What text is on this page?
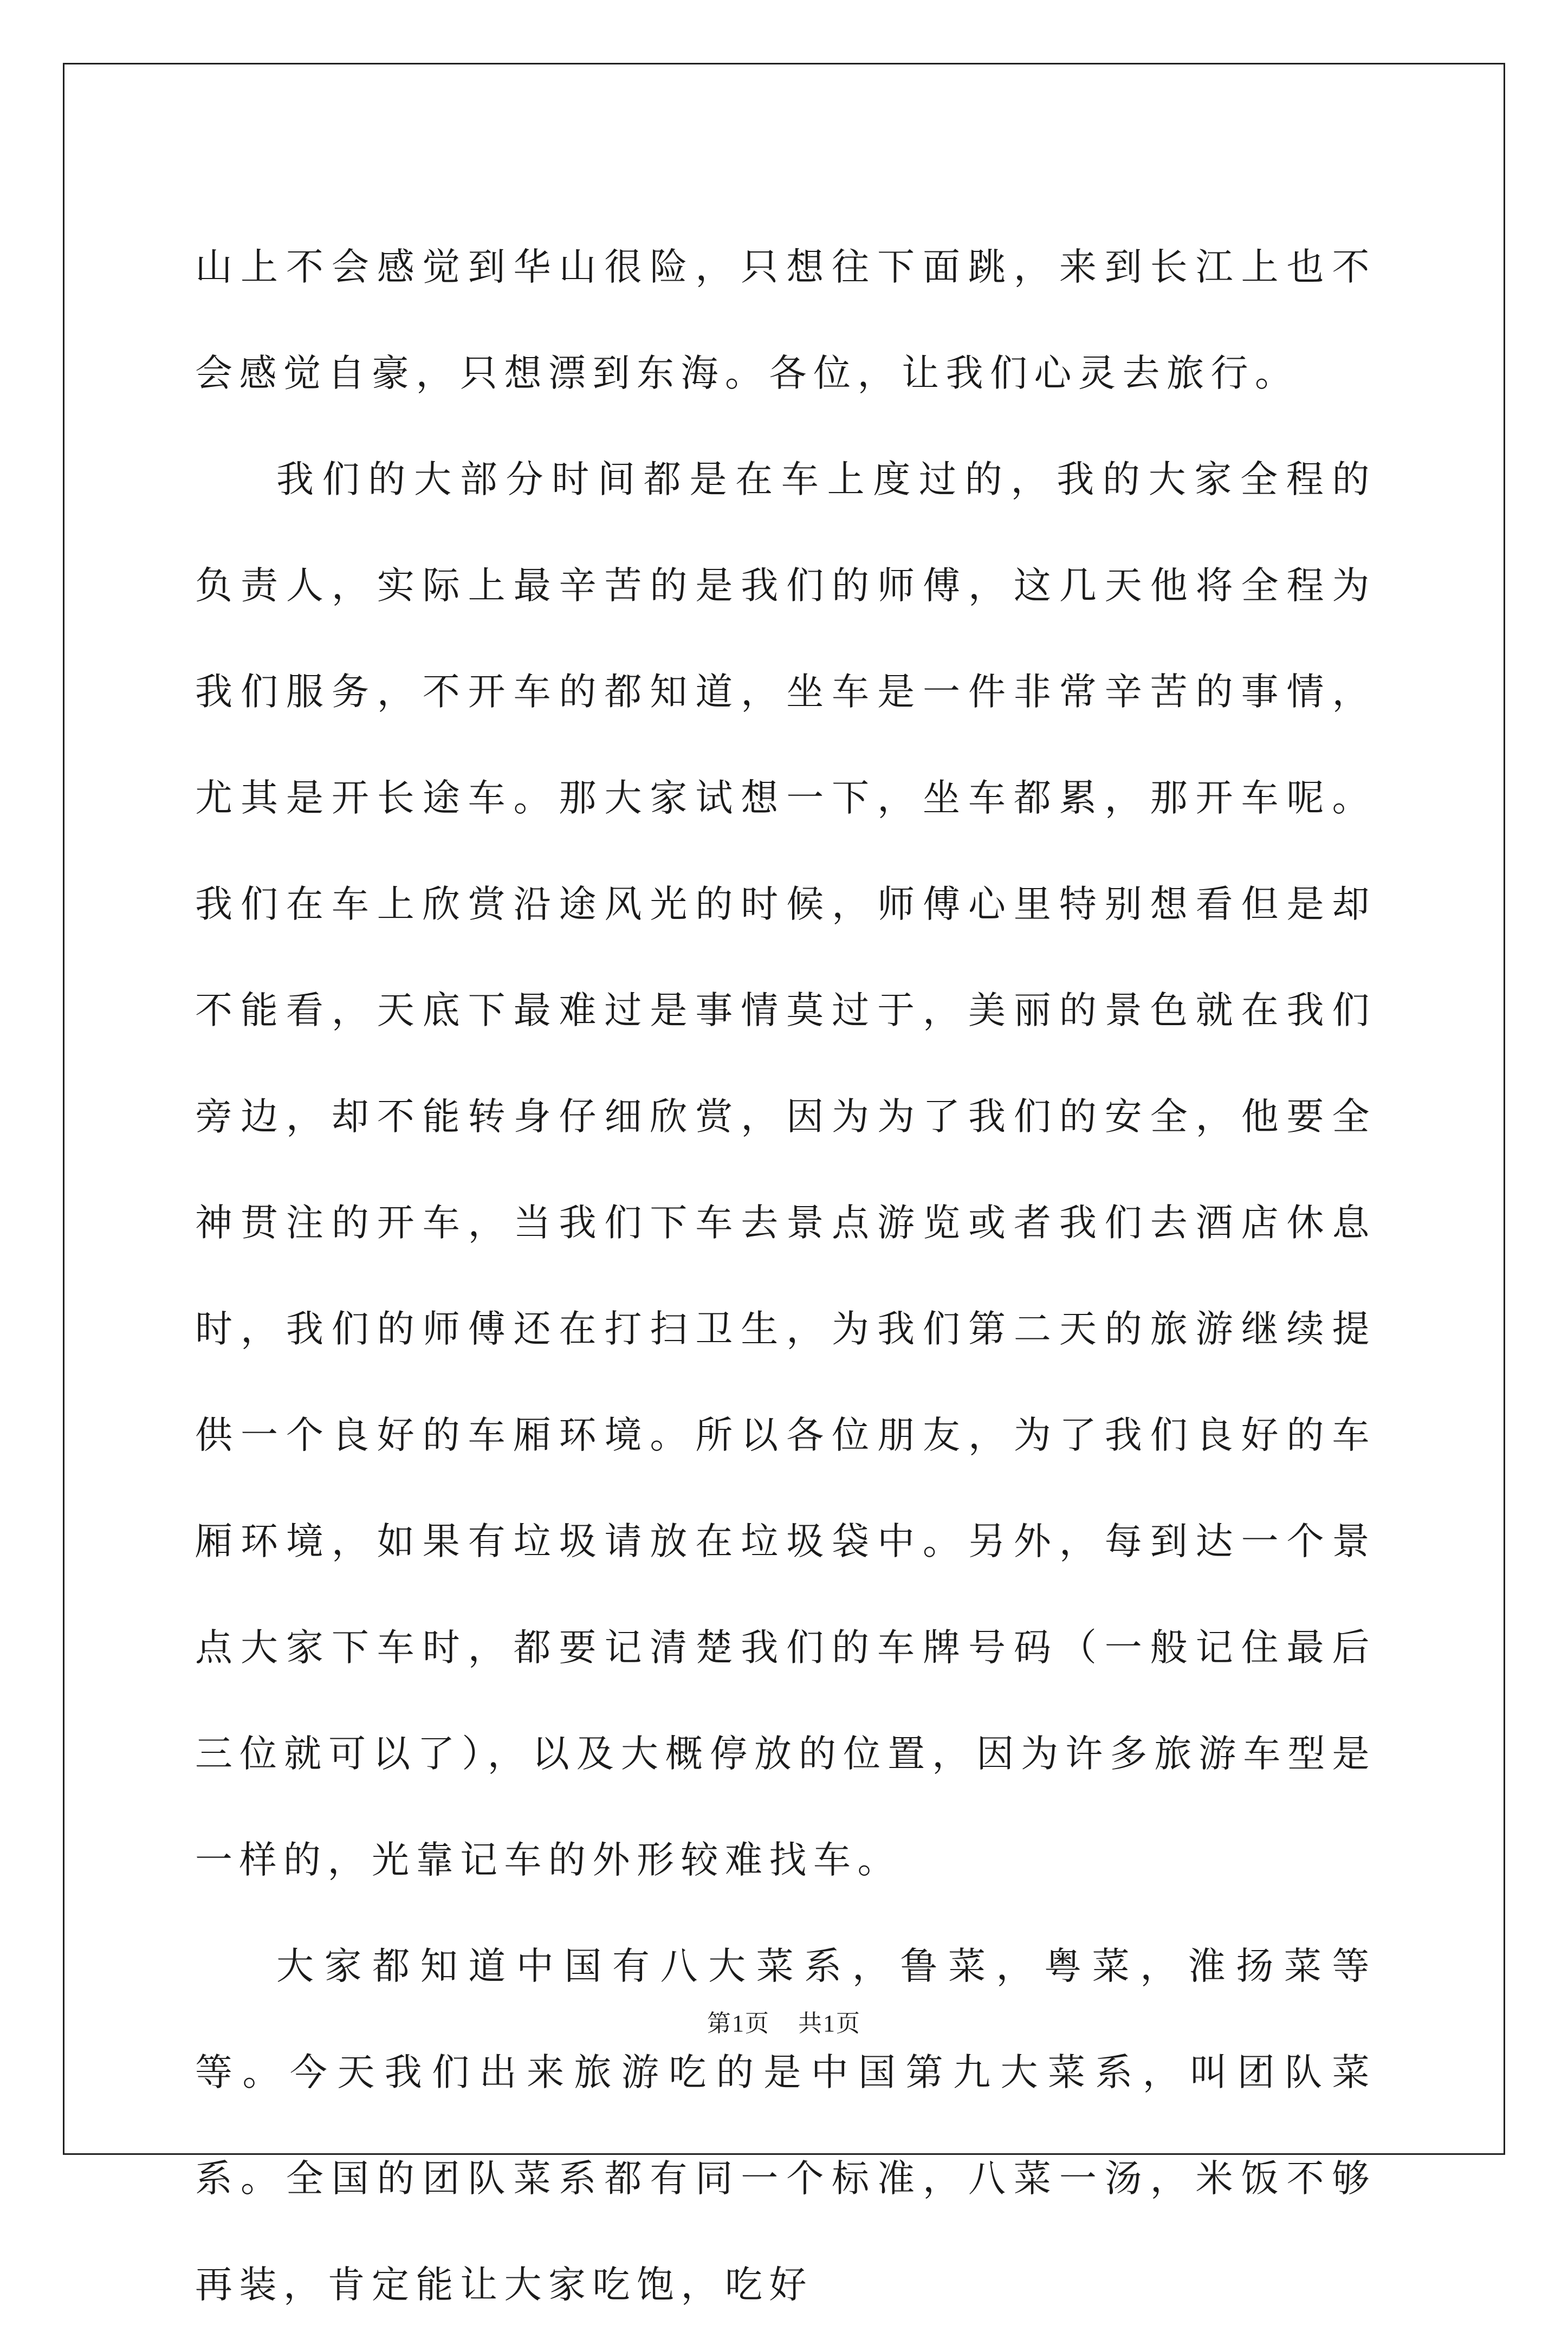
山上不会感觉到华山很险，只想往下面跳，来到长江上也不会感觉自豪，只想漂到东海。各位，让我们心灵去旅行。

我们的大部分时间都是在车上度过的，我的大家全程的负责人，实际上最辛苦的是我们的师傅，这几天他将全程为我们服务，不开车的都知道，坐车是一件非常辛苦的事情，尤其是开长途车。那大家试想一下，坐车都累，那开车呢。我们在车上欣赏沿途风光的时候，师傅心里特别想看但是却不能看，天底下最难过是事情莫过于，美丽的景色就在我们旁边，却不能转身仔细欣赏，因为为了我们的安全，他要全神贯注的开车，当我们下车去景点游览或者我们去酒店休息时，我们的师傅还在打扫卫生，为我们第二天的旅游继续提供一个良好的车厢环境。所以各位朋友，为了我们良好的车厢环境，如果有垃圾请放在垃圾袋中。另外，每到达一个景点大家下车时，都要记清楚我们的车牌号码（一般记住最后三位就可以了），以及大概停放的位置，因为许多旅游车型是一样的，光靠记车的外形较难找车。

大家都知道中国有八大菜系，鲁菜，粤菜，淮扬菜等等。今天我们出来旅游吃的是中国第九大菜系，叫团队菜系。全国的团队菜系都有同一个标准，八菜一汤，米饭不够再装，肯定能让大家吃饱，吃好

第1页 共1页
